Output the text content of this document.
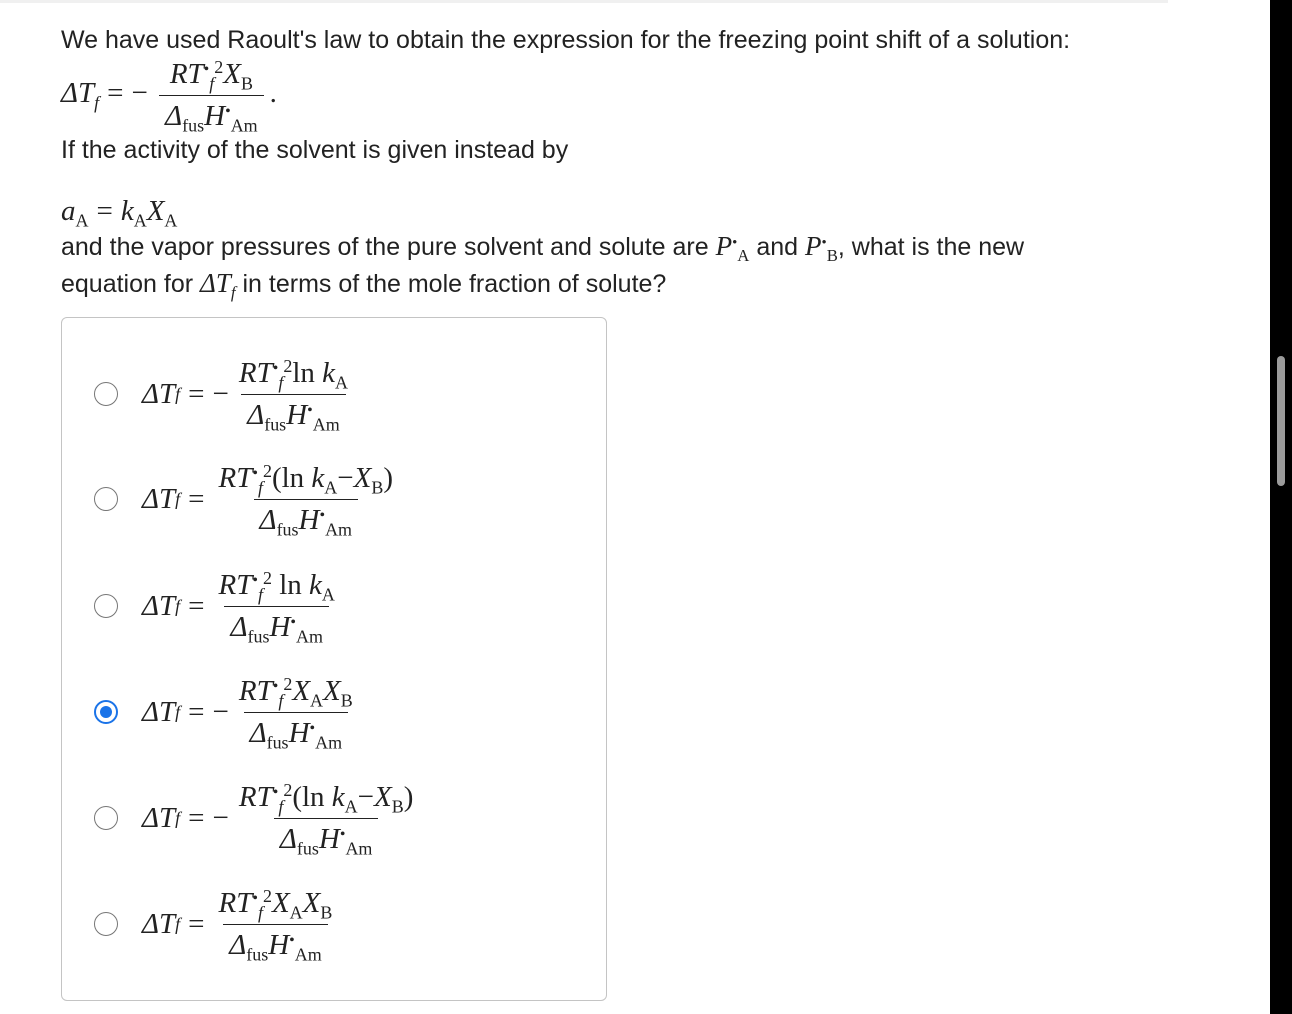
We have used Raoult's law to obtain the expression for the freezing point shift of a solution:

$\Delta T_f$ = − $\frac{RT^•_f^2X_B}{\Delta_{fus}H^•_{Am}}$ .

If the activity of the solvent is given instead by

$a_A = k_AX_A$

and the vapor pressures of the pure solvent and solute are $P^•_A$ and $P^•_B$, what is the new
equation for $\Delta T_f$ in terms of the mole fraction of solute?

Δ T f = − $\frac{RT^•_f^2\ln k_A}{\Delta_{fus}H^•_{Am}}$
Δ T $f = \frac{RT^•_f^2(\ln k_A-X_B)}{\Delta_{fus}H^•_{Am}}$
Δ T $f = \frac{RT^•_f^2 \ln k_A}{\Delta_{fus}H^•_{Am}}$
Δ T f = − $\frac{RT^•_f^2X_AX_B}{\Delta_{fus}H^•_{Am}}$
Δ T f = − $\frac{RT^•_f^2(\ln k_A-X_B)}{\Delta_{fus}H^•_{Am}}$
Δ T $f = \frac{RT^•_f^2X_AX_B}{\Delta_{fus}H^•_{Am}}$
